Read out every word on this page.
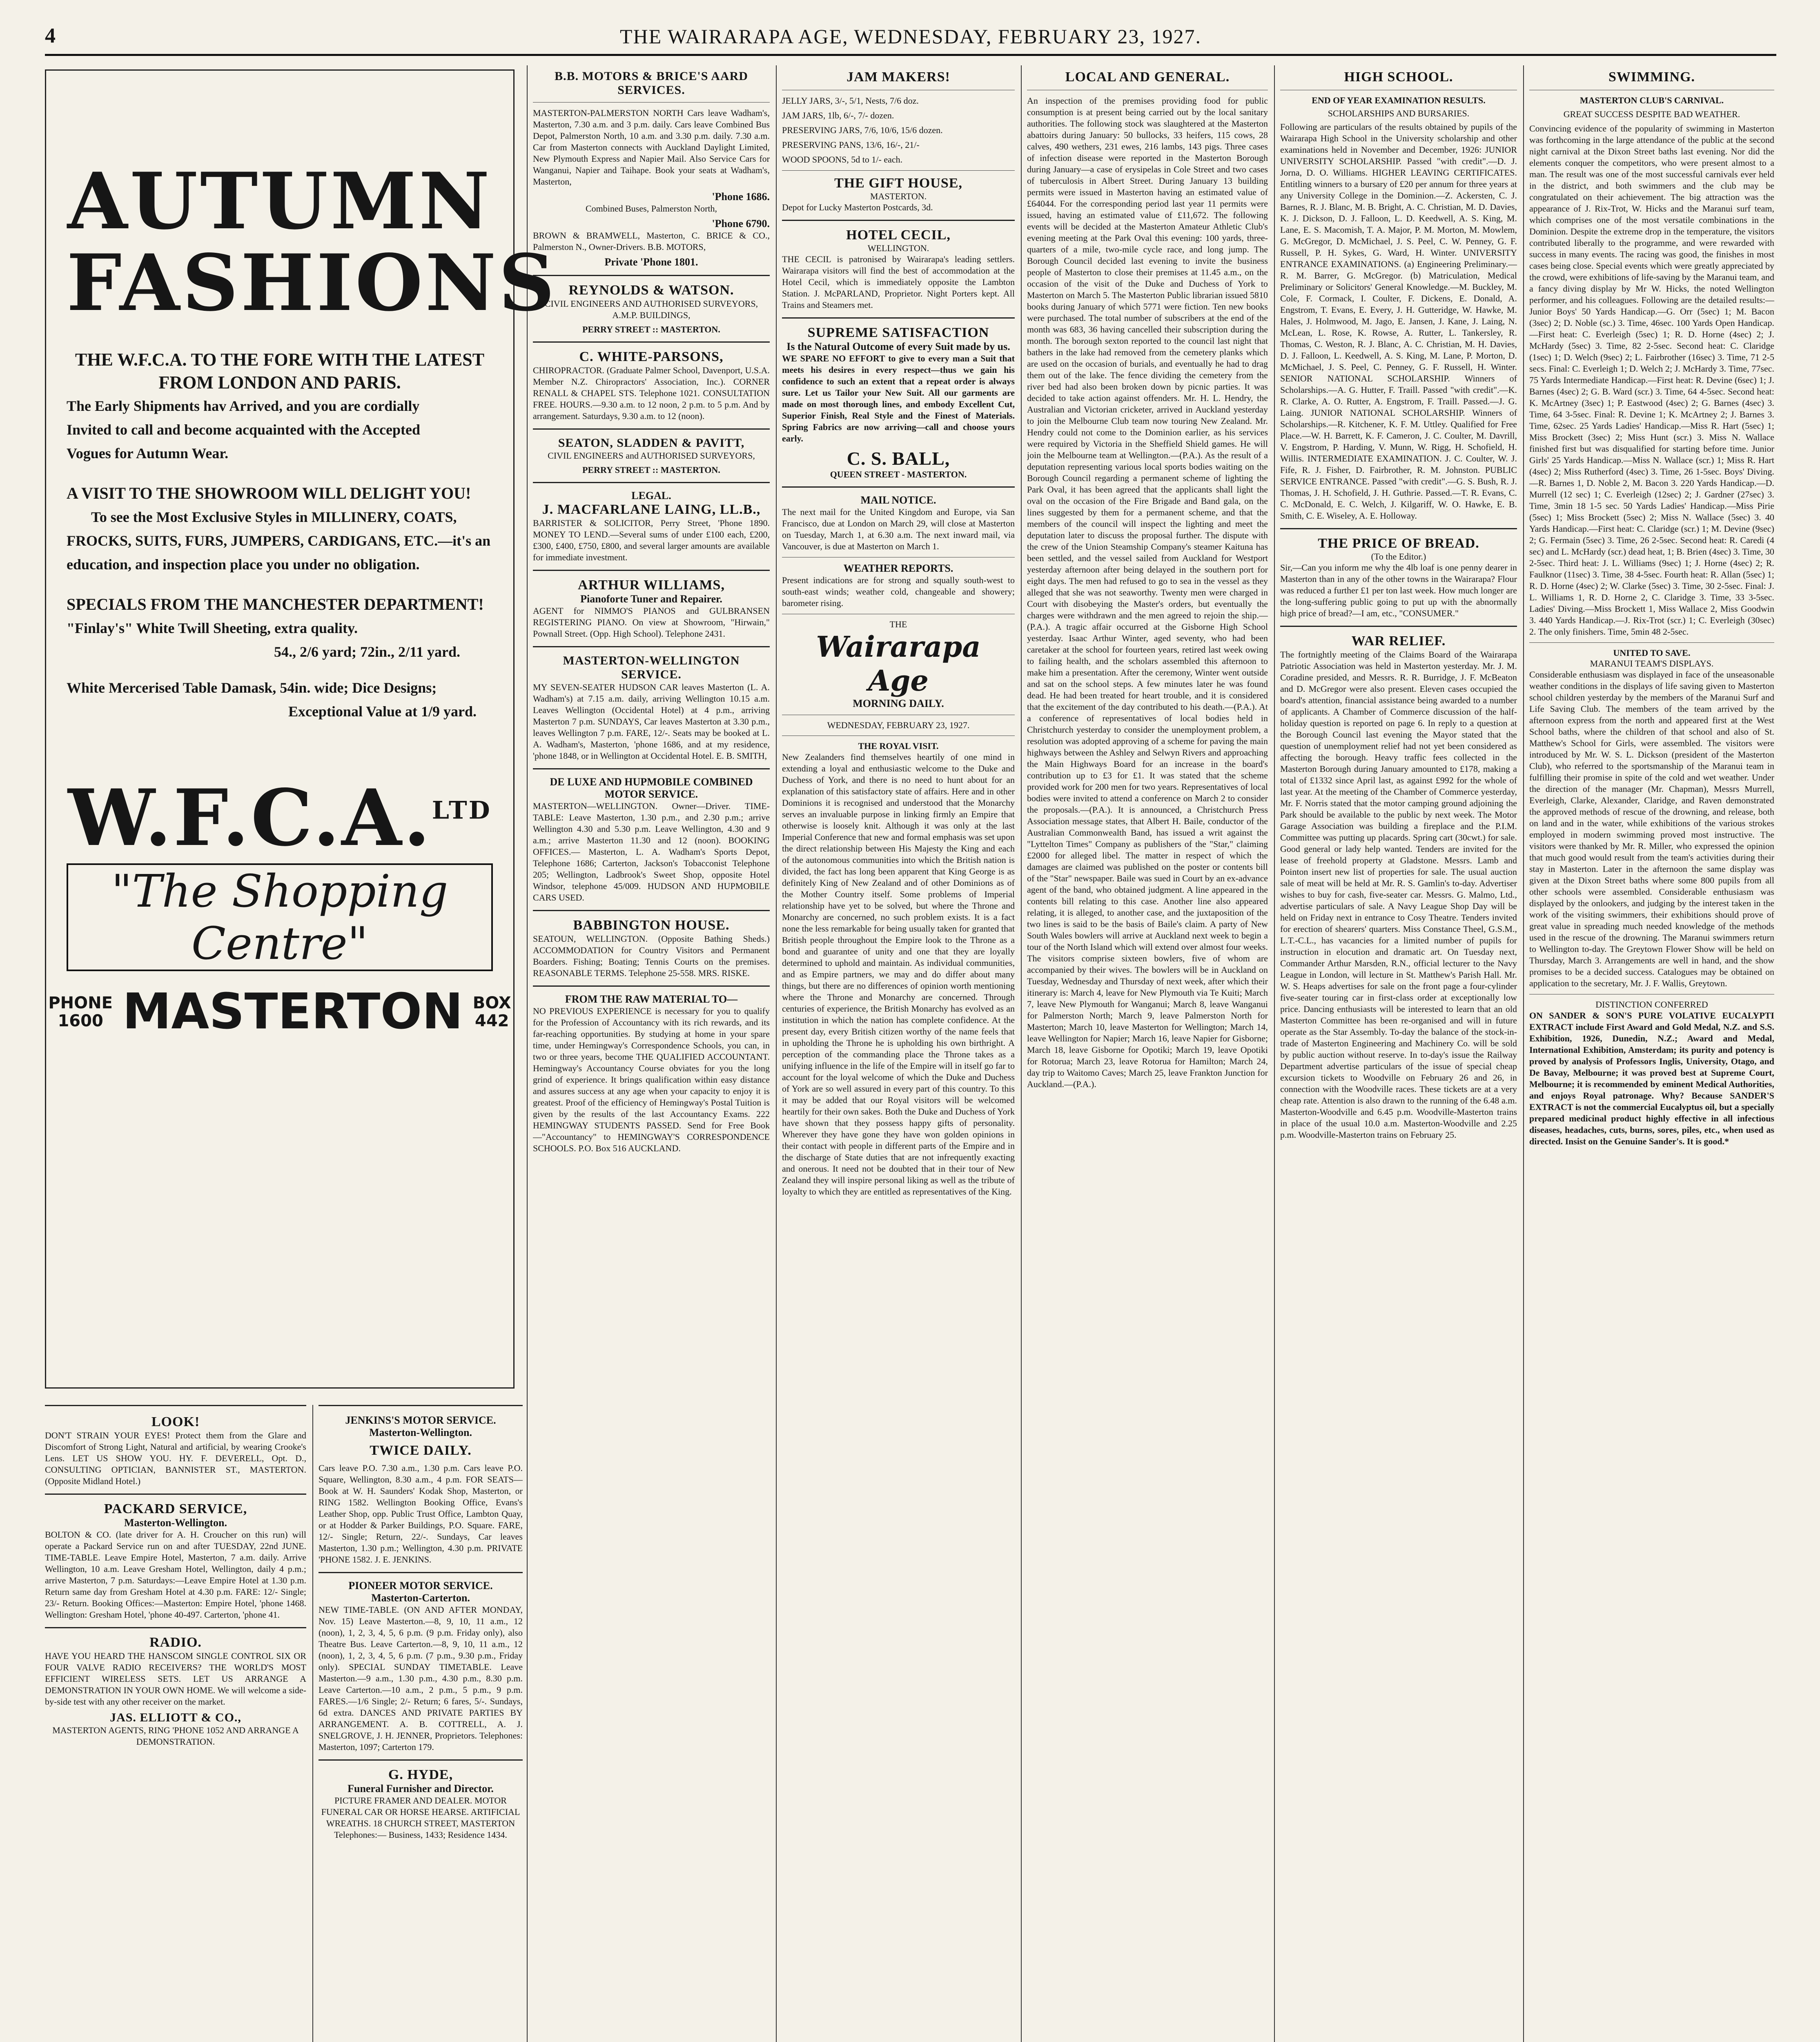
4	THE WAIRARAPA AGE, WEDNESDAY, FEBRUARY 23, 1927.
AUTUMN
FASHIONS
THE W.F.C.A. TO THE FORE WITH THE LATEST
FROM LONDON AND PARIS.
The Early Shipments hav Arrived, and you are cordially
Invited to call and become acquainted with the Accepted
Vogues for Autumn Wear.
A VISIT TO THE SHOWROOM WILL DELIGHT YOU!
To see the Most Exclusive Styles in MILLINERY, COATS,
FROCKS, SUITS, FURS, JUMPERS, CARDIGANS, ETC.—it's an
education, and inspection place you under no obligation.
SPECIALS FROM THE MANCHESTER DEPARTMENT!
"Finlay's" White Twill Sheeting, extra quality.
54., 2/6 yard; 72in., 2/11 yard.
White Mercerised Table Damask, 54in. wide; Dice Designs;
Exceptional Value at 1/9 yard.
W.F.C.A.$^{LTD}$
"The Shopping Centre"
PHONE
1600 MASTERTON BOX
442
B.B. MOTORS & BRICE'S AARD SERVICES.

MASTERTON-PALMERSTON NORTH Cars leave Wadham's, Masterton, 7.30 a.m. and 3 p.m. daily. Cars leave Combined Bus Depot, Palmerston North, 10 a.m. and 3.30 p.m. daily. 7.30 a.m. Car from Masterton connects with Auckland Daylight Limited, New Plymouth Express and Napier Mail. Also Service Cars for Wanganui, Napier and Taihape. Book your seats at Wadham's, Masterton,

'Phone 1686.

Combined Buses, Palmerston North,

'Phone 6790.

BROWN & BRAMWELL, Masterton, C. BRICE & CO., Palmerston N., Owner-Drivers. B.B. MOTORS,

Private 'Phone 1801.
REYNOLDS & WATSON.

CIVIL ENGINEERS AND AUTHORISED SURVEYORS, A.M.P. BUILDINGS,

PERRY STREET :: MASTERTON.
C. WHITE-PARSONS,

CHIROPRACTOR. (Graduate Palmer School, Davenport, U.S.A. Member N.Z. Chiropractors' Association, Inc.). CORNER RENALL & CHAPEL STS. Telephone 1021. CONSULTATION FREE. HOURS.—9.30 a.m. to 12 noon, 2 p.m. to 5 p.m. And by arrangement. Saturdays, 9.30 a.m. to 12 (noon).

SEATON, SLADDEN & PAVITT,

CIVIL ENGINEERS and AUTHORISED SURVEYORS,

PERRY STREET :: MASTERTON.
LEGAL.
J. MACFARLANE LAING, LL.B.,

BARRISTER & SOLICITOR, Perry Street, 'Phone 1890. MONEY TO LEND.—Several sums of under £100 each, £200, £300, £400, £750, £800, and several larger amounts are available for immediate investment.

ARTHUR WILLIAMS,
Pianoforte Tuner and Repairer.

AGENT for NIMMO'S PIANOS and GULBRANSEN REGISTERING PIANO. On view at Showroom, "Hirwain," Pownall Street. (Opp. High School). Telephone 2431.

MASTERTON-WELLINGTON SERVICE.

MY SEVEN-SEATER HUDSON CAR leaves Masterton (L. A. Wadham's) at 7.15 a.m. daily, arriving Wellington 10.15 a.m. Leaves Wellington (Occidental Hotel) at 4 p.m., arriving Masterton 7 p.m. SUNDAYS, Car leaves Masterton at 3.30 p.m., leaves Wellington 7 p.m. FARE, 12/-. Seats may be booked at L. A. Wadham's, Masterton, 'phone 1686, and at my residence, 'phone 1848, or in Wellington at Occidental Hotel. E. B. SMITH,

DE LUXE AND HUPMOBILE COMBINED MOTOR SERVICE.

MASTERTON—WELLINGTON. Owner—Driver. TIME-TABLE: Leave Masterton, 1.30 p.m., and 2.30 p.m.; arrive Wellington 4.30 and 5.30 p.m. Leave Wellington, 4.30 and 9 a.m.; arrive Masterton 11.30 and 12 (noon). BOOKING OFFICES.— Masterton, L. A. Wadham's Sports Depot, Telephone 1686; Carterton, Jackson's Tobacconist Telephone 205; Wellington, Ladbrook's Sweet Shop, opposite Hotel Windsor, telephone 45/009. HUDSON AND HUPMOBILE CARS USED.

BABBINGTON HOUSE.

SEATOUN, WELLINGTON. (Opposite Bathing Sheds.) ACCOMMODATION for Country Visitors and Permanent Boarders. Fishing; Boating; Tennis Courts on the premises. REASONABLE TERMS. Telephone 25-558. MRS. RISKE.

FROM THE RAW MATERIAL TO—

NO PREVIOUS EXPERIENCE is necessary for you to qualify for the Profession of Accountancy with its rich rewards, and its far-reaching opportunities. By studying at home in your spare time, under Hemingway's Correspondence Schools, you can, in two or three years, become THE QUALIFIED ACCOUNTANT. Hemingway's Accountancy Course obviates for you the long grind of experience. It brings qualification within easy distance and assures success at any age when your capacity to enjoy it is greatest. Proof of the efficiency of Hemingway's Postal Tuition is given by the results of the last Accountancy Exams. 222 HEMINGWAY STUDENTS PASSED. Send for Free Book—"Accountancy" to HEMINGWAY'S CORRESPONDENCE SCHOOLS. P.O. Box 516 AUCKLAND.

JAM MAKERS!

JELLY JARS, 3/-, 5/1, Nests, 7/6 doz.

JAM JARS, 1lb, 6/-, 7/- dozen.

PRESERVING JARS, 7/6, 10/6, 15/6 dozen.

PRESERVING PANS, 13/6, 16/-, 21/-

WOOD SPOONS, 5d to 1/- each.

THE GIFT HOUSE,
MASTERTON.

Depot for Lucky Masterton Postcards, 3d.

HOTEL CECIL,
WELLINGTON.

THE CECIL is patronised by Wairarapa's leading settlers. Wairarapa visitors will find the best of accommodation at the Hotel Cecil, which is immediately opposite the Lambton Station. J. McPARLAND, Proprietor. Night Porters kept. All Trains and Steamers met.

SUPREME SATISFACTION
Is the Natural Outcome of every Suit made by us.

WE SPARE NO EFFORT to give to every man a Suit that meets his desires in every respect—thus we gain his confidence to such an extent that a repeat order is always sure. Let us Tailor your New Suit. All our garments are made on most thorough lines, and embody Excellent Cut, Superior Finish, Real Style and the Finest of Materials. Spring Fabrics are now arriving—call and choose yours early.

C. S. BALL,
QUEEN STREET - MASTERTON.
MAIL NOTICE.

The next mail for the United Kingdom and Europe, via San Francisco, due at London on March 29, will close at Masterton on Tuesday, March 1, at 6.30 a.m. The next inward mail, via Vancouver, is due at Masterton on March 1.

WEATHER REPORTS.

Present indications are for strong and squally south-west to south-east winds; weather cold, changeable and showery; barometer rising.

THE
Wairarapa Age
MORNING DAILY.
WEDNESDAY, FEBRUARY 23, 1927.
THE ROYAL VISIT.

New Zealanders find themselves heartily of one mind in extending a loyal and enthusiastic welcome to the Duke and Duchess of York, and there is no need to hunt about for an explanation of this satisfactory state of affairs. Here and in other Dominions it is recognised and understood that the Monarchy serves an invaluable purpose in linking firmly an Empire that otherwise is loosely knit. Although it was only at the last Imperial Conference that new and formal emphasis was set upon the direct relationship between His Majesty the King and each of the autonomous communities into which the British nation is divided, the fact has long been apparent that King George is as definitely King of New Zealand and of other Dominions as of the Mother Country itself. Some problems of Imperial relationship have yet to be solved, but where the Throne and Monarchy are concerned, no such problem exists. It is a fact none the less remarkable for being usually taken for granted that British people throughout the Empire look to the Throne as a bond and guarantee of unity and one that they are loyally determined to uphold and maintain. As individual communities, and as Empire partners, we may and do differ about many things, but there are no differences of opinion worth mentioning where the Throne and Monarchy are concerned. Through centuries of experience, the British Monarchy has evolved as an institution in which the nation has complete confidence. At the present day, every British citizen worthy of the name feels that in upholding the Throne he is upholding his own birthright. A perception of the commanding place the Throne takes as a unifying influence in the life of the Empire will in itself go far to account for the loyal welcome of which the Duke and Duchess of York are so well assured in every part of this country. To this it may be added that our Royal visitors will be welcomed heartily for their own sakes. Both the Duke and Duchess of York have shown that they possess happy gifts of personality. Wherever they have gone they have won golden opinions in their contact with people in different parts of the Empire and in the discharge of State duties that are not infrequently exacting and onerous. It need not be doubted that in their tour of New Zealand they will inspire personal liking as well as the tribute of loyalty to which they are entitled as representatives of the King.

LOCAL AND GENERAL.

An inspection of the premises providing food for public consumption is at present being carried out by the local sanitary authorities. The following stock was slaughtered at the Masterton abattoirs during January: 50 bullocks, 33 heifers, 115 cows, 28 calves, 490 wethers, 231 ewes, 216 lambs, 143 pigs. Three cases of infection disease were reported in the Masterton Borough during January—a case of erysipelas in Cole Street and two cases of tuberculosis in Albert Street. During January 13 building permits were issued in Masterton having an estimated value of £64044. For the corresponding period last year 11 permits were issued, having an estimated value of £11,672. The following events will be decided at the Masterton Amateur Athletic Club's evening meeting at the Park Oval this evening: 100 yards, three-quarters of a mile, two-mile cycle race, and long jump. The Borough Council decided last evening to invite the business people of Masterton to close their premises at 11.45 a.m., on the occasion of the visit of the Duke and Duchess of York to Masterton on March 5. The Masterton Public librarian issued 5810 books during January of which 5771 were fiction. Ten new books were purchased. The total number of subscribers at the end of the month was 683, 36 having cancelled their subscription during the month. The borough sexton reported to the council last night that bathers in the lake had removed from the cemetery planks which are used on the occasion of burials, and eventually he had to drag them out of the lake. The fence dividing the cemetery from the river bed had also been broken down by picnic parties. It was decided to take action against offenders. Mr. H. L. Hendry, the Australian and Victorian cricketer, arrived in Auckland yesterday to join the Melbourne Club team now touring New Zealand. Mr. Hendry could not come to the Dominion earlier, as his services were required by Victoria in the Sheffield Shield games. He will join the Melbourne team at Wellington.—(P.A.). As the result of a deputation representing various local sports bodies waiting on the Borough Council regarding a permanent scheme of lighting the Park Oval, it has been agreed that the applicants shall light the oval on the occasion of the Fire Brigade and Band gala, on the lines suggested by them for a permanent scheme, and that the members of the council will inspect the lighting and meet the deputation later to discuss the proposal further. The dispute with the crew of the Union Steamship Company's steamer Kaituna has been settled, and the vessel sailed from Auckland for Westport yesterday afternoon after being delayed in the southern port for eight days. The men had refused to go to sea in the vessel as they alleged that she was not seaworthy. Twenty men were charged in Court with disobeying the Master's orders, but eventually the charges were withdrawn and the men agreed to rejoin the ship.—(P.A.). A tragic affair occurred at the Gisborne High School yesterday. Isaac Arthur Winter, aged seventy, who had been caretaker at the school for fourteen years, retired last week owing to failing health, and the scholars assembled this afternoon to make him a presentation. After the ceremony, Winter went outside and sat on the school steps. A few minutes later he was found dead. He had been treated for heart trouble, and it is considered that the excitement of the day contributed to his death.—(P.A.). At a conference of representatives of local bodies held in Christchurch yesterday to consider the unemployment problem, a resolution was adopted approving of a scheme for paving the main highways between the Ashley and Selwyn Rivers and approaching the Main Highways Board for an increase in the board's contribution up to £3 for £1. It was stated that the scheme provided work for 200 men for two years. Representatives of local bodies were invited to attend a conference on March 2 to consider the proposals.—(P.A.). It is announced, a Christchurch Press Association message states, that Albert H. Baile, conductor of the Australian Commonwealth Band, has issued a writ against the "Lyttelton Times" Company as publishers of the "Star," claiming £2000 for alleged libel. The matter in respect of which the damages are claimed was published on the poster or contents bill of the "Star" newspaper. Baile was sued in Court by an ex-advance agent of the band, who obtained judgment. A line appeared in the contents bill relating to this case. Another line also appeared relating, it is alleged, to another case, and the juxtaposition of the two lines is said to be the basis of Baile's claim. A party of New South Wales bowlers will arrive at Auckland next week to begin a tour of the North Island which will extend over almost four weeks. The visitors comprise sixteen bowlers, five of whom are accompanied by their wives. The bowlers will be in Auckland on Tuesday, Wednesday and Thursday of next week, after which their itinerary is: March 4, leave for New Plymouth via Te Kuiti; March 7, leave New Plymouth for Wanganui; March 8, leave Wanganui for Palmerston North; March 9, leave Palmerston North for Masterton; March 10, leave Masterton for Wellington; March 14, leave Wellington for Napier; March 16, leave Napier for Gisborne; March 18, leave Gisborne for Opotiki; March 19, leave Opotiki for Rotorua; March 23, leave Rotorua for Hamilton; March 24, day trip to Waitomo Caves; March 25, leave Frankton Junction for Auckland.—(P.A.).

HIGH SCHOOL.
END OF YEAR EXAMINATION RESULTS.
SCHOLARSHIPS AND BURSARIES.

Following are particulars of the results obtained by pupils of the Wairarapa High School in the University scholarship and other examinations held in November and December, 1926: JUNIOR UNIVERSITY SCHOLARSHIP. Passed "with credit".—D. J. Jorna, D. O. Williams. HIGHER LEAVING CERTIFICATES. Entitling winners to a bursary of £20 per annum for three years at any University College in the Dominion.—Z. Ackersten, C. J. Barnes, R. J. Blanc, M. B. Bright, A. C. Christian, M. D. Davies, K. J. Dickson, D. J. Falloon, L. D. Keedwell, A. S. King, M. Lane, E. S. Macomish, T. A. Major, P. M. Morton, M. Mowlem, G. McGregor, D. McMichael, J. S. Peel, C. W. Penney, G. F. Russell, P. H. Sykes, G. Ward, H. Winter. UNIVERSITY ENTRANCE EXAMINATIONS. (a) Engineering Preliminary.—R. M. Barrer, G. McGregor. (b) Matriculation, Medical Preliminary or Solicitors' General Knowledge.—M. Buckley, M. Cole, F. Cormack, I. Coulter, F. Dickens, E. Donald, A. Engstrom, T. Evans, E. Every, J. H. Gutteridge, W. Hawke, M. Hales, J. Holmwood, M. Jago, E. Jansen, J. Kane, J. Laing, N. McLean, L. Rose, K. Rowse, A. Rutter, L. Tankersley, R. Thomas, C. Weston, R. J. Blanc, A. C. Christian, M. H. Davies, D. J. Falloon, L. Keedwell, A. S. King, M. Lane, P. Morton, D. McMichael, J. S. Peel, C. Penney, G. F. Russell, H. Winter. SENIOR NATIONAL SCHOLARSHIP. Winners of Scholarships.—A. G. Hutter, F. Traill. Passed "with credit".—K. R. Clarke, A. O. Rutter, A. Engstrom, F. Traill. Passed.—J. G. Laing. JUNIOR NATIONAL SCHOLARSHIP. Winners of Scholarships.—R. Kitchener, K. F. M. Uttley. Qualified for Free Place.—W. H. Barrett, K. F. Cameron, J. C. Coulter, M. Davrill, V. Engstrom, P. Harding, V. Munn, W. Rigg, H. Schofield, H. Willis. INTERMEDIATE EXAMINATION. J. C. Coulter, W. J. Fife, R. J. Fisher, D. Fairbrother, R. M. Johnston. PUBLIC SERVICE ENTRANCE. Passed "with credit".—G. S. Bush, R. J. Thomas, J. H. Schofield, J. H. Guthrie. Passed.—T. R. Evans, C. C. McDonald, E. C. Welch, J. Kilgariff, W. O. Hawke, E. B. Smith, C. E. Wiseley, A. E. Holloway.

THE PRICE OF BREAD.
(To the Editor.)

Sir,—Can you inform me why the 4lb loaf is one penny dearer in Masterton than in any of the other towns in the Wairarapa? Flour was reduced a further £1 per ton last week. How much longer are the long-suffering public going to put up with the abnormally high price of bread?—I am, etc., "CONSUMER."

WAR RELIEF.

The fortnightly meeting of the Claims Board of the Wairarapa Patriotic Association was held in Masterton yesterday. Mr. J. M. Coradine presided, and Messrs. R. R. Burridge, J. F. McBeaton and D. McGregor were also present. Eleven cases occupied the board's attention, financial assistance being awarded to a number of applicants. A Chamber of Commerce discussion of the half-holiday question is reported on page 6. In reply to a question at the Borough Council last evening the Mayor stated that the question of unemployment relief had not yet been considered as affecting the borough. Heavy traffic fees collected in the Masterton Borough during January amounted to £178, making a total of £1332 since April last, as against £992 for the whole of last year. At the meeting of the Chamber of Commerce yesterday, Mr. F. Norris stated that the motor camping ground adjoining the Park should be available to the public by next week. The Motor Garage Association was building a fireplace and the P.I.M. Committee was putting up placards. Spring cart (30cwt.) for sale. Good general or lady help wanted. Tenders are invited for the lease of freehold property at Gladstone. Messrs. Lamb and Pointon insert new list of properties for sale. The usual auction sale of meat will be held at Mr. R. S. Gamlin's to-day. Advertiser wishes to buy for cash, five-seater car. Messrs. G. Malmo, Ltd., advertise particulars of sale. A Navy League Shop Day will be held on Friday next in entrance to Cosy Theatre. Tenders invited for erection of shearers' quarters. Miss Constance Theel, G.S.M., L.T.-C.L., has vacancies for a limited number of pupils for instruction in elocution and dramatic art. On Tuesday next, Commander Arthur Marsden, R.N., official lecturer to the Navy League in London, will lecture in St. Matthew's Parish Hall. Mr. W. S. Heaps advertises for sale on the front page a four-cylinder five-seater touring car in first-class order at exceptionally low price. Dancing enthusiasts will be interested to learn that an old Masterton Committee has been re-organised and will in future operate as the Star Assembly. To-day the balance of the stock-in-trade of Masterton Engineering and Machinery Co. will be sold by public auction without reserve. In to-day's issue the Railway Department advertise particulars of the issue of special cheap excursion tickets to Woodville on February 26 and 26, in connection with the Woodville races. These tickets are at a very cheap rate. Attention is also drawn to the running of the 6.48 a.m. Masterton-Woodville and 6.45 p.m. Woodville-Masterton trains in place of the usual 10.0 a.m. Masterton-Woodville and 2.25 p.m. Woodville-Masterton trains on February 25.

SWIMMING.
MASTERTON CLUB'S CARNIVAL.
GREAT SUCCESS DESPITE BAD WEATHER.

Convincing evidence of the popularity of swimming in Masterton was forthcoming in the large attendance of the public at the second night carnival at the Dixon Street baths last evening. Nor did the elements conquer the competitors, who were present almost to a man. The result was one of the most successful carnivals ever held in the district, and both swimmers and the club may be congratulated on their achievement. The big attraction was the appearance of J. Rix-Trot, W. Hicks and the Maranui surf team, which comprises one of the most versatile combinations in the Dominion. Despite the extreme drop in the temperature, the visitors contributed liberally to the programme, and were rewarded with success in many events. The racing was good, the finishes in most cases being close. Special events which were greatly appreciated by the crowd, were exhibitions of life-saving by the Maranui team, and a fancy diving display by Mr W. Hicks, the noted Wellington performer, and his colleagues. Following are the detailed results:— Junior Boys' 50 Yards Handicap.—G. Orr (5sec) 1; M. Bacon (3sec) 2; D. Noble (sc.) 3. Time, 46sec. 100 Yards Open Handicap.—First heat: C. Everleigh (5sec) 1; R. D. Horne (4sec) 2; J. McHardy (5sec) 3. Time, 82 2-5sec. Second heat: C. Claridge (1sec) 1; D. Welch (9sec) 2; L. Fairbrother (16sec) 3. Time, 71 2-5 secs. Final: C. Everleigh 1; D. Welch 2; J. McHardy 3. Time, 77sec. 75 Yards Intermediate Handicap.—First heat: R. Devine (6sec) 1; J. Barnes (4sec) 2; G. B. Ward (scr.) 3. Time, 64 4-5sec. Second heat: K. McArtney (3sec) 1; P. Eastwood (4sec) 2; G. Barnes (4sec) 3. Time, 64 3-5sec. Final: R. Devine 1; K. McArtney 2; J. Barnes 3. Time, 62sec. 25 Yards Ladies' Handicap.—Miss R. Hart (5sec) 1; Miss Brockett (3sec) 2; Miss Hunt (scr.) 3. Miss N. Wallace finished first but was disqualified for starting before time. Junior Girls' 25 Yards Handicap.—Miss N. Wallace (scr.) 1; Miss R. Hart (4sec) 2; Miss Rutherford (4sec) 3. Time, 26 1-5sec. Boys' Diving.—R. Barnes 1, D. Noble 2, M. Bacon 3. 220 Yards Handicap.—D. Murrell (12 sec) 1; C. Everleigh (12sec) 2; J. Gardner (27sec) 3. Time, 3min 18 1-5 sec. 50 Yards Ladies' Handicap.—Miss Pirie (5sec) 1; Miss Brockett (5sec) 2; Miss N. Wallace (5sec) 3. 40 Yards Handicap.—First heat: C. Claridge (scr.) 1; M. Devine (9sec) 2; G. Fermain (5sec) 3. Time, 26 2-5sec. Second heat: R. Caredi (4 sec) and L. McHardy (scr.) dead heat, 1; B. Brien (4sec) 3. Time, 30 2-5sec. Third heat: J. L. Williams (9sec) 1; J. Horne (4sec) 2; R. Faulknor (11sec) 3. Time, 38 4-5sec. Fourth heat: R. Allan (5sec) 1; R. D. Horne (4sec) 2; W. Clarke (5sec) 3. Time, 30 2-5sec. Final: J. L. Williams 1, R. D. Horne 2, C. Claridge 3. Time, 33 3-5sec. Ladies' Diving.—Miss Brockett 1, Miss Wallace 2, Miss Goodwin 3. 440 Yards Handicap.—J. Rix-Trot (scr.) 1; C. Everleigh (30sec) 2. The only finishers. Time, 5min 48 2-5sec.

UNITED TO SAVE.
MARANUI TEAM'S DISPLAYS.

Considerable enthusiasm was displayed in face of the unseasonable weather conditions in the displays of life saving given to Masterton school children yesterday by the members of the Maranui Surf and Life Saving Club. The members of the team arrived by the afternoon express from the north and appeared first at the West School baths, where the children of that school and also of St. Matthew's School for Girls, were assembled. The visitors were introduced by Mr. W. S. L. Dickson (president of the Masterton Club), who referred to the sportsmanship of the Maranui team in fulfilling their promise in spite of the cold and wet weather. Under the direction of the manager (Mr. Chapman), Messrs Murrell, Everleigh, Clarke, Alexander, Claridge, and Raven demonstrated the approved methods of rescue of the drowning, and release, both on land and in the water, while exhibitions of the various strokes employed in modern swimming proved most instructive. The visitors were thanked by Mr. R. Miller, who expressed the opinion that much good would result from the team's activities during their stay in Masterton. Later in the afternoon the same display was given at the Dixon Street baths where some 800 pupils from all other schools were assembled. Considerable enthusiasm was displayed by the onlookers, and judging by the interest taken in the work of the visiting swimmers, their exhibitions should prove of great value in spreading much needed knowledge of the methods used in the rescue of the drowning. The Maranui swimmers return to Wellington to-day. The Greytown Flower Show will be held on Thursday, March 3. Arrangements are well in hand, and the show promises to be a decided success. Catalogues may be obtained on application to the secretary, Mr. J. F. Wallis, Greytown.

DISTINCTION CONFERRED

ON SANDER & SON'S PURE VOLATIVE EUCALYPTI EXTRACT include First Award and Gold Medal, N.Z. and S.S. Exhibition, 1926, Dunedin, N.Z.; Award and Medal, International Exhibition, Amsterdam; its purity and potency is proved by analysis of Professors Inglis, University, Otago, and De Bavay, Melbourne; it was proved best at Supreme Court, Melbourne; it is recommended by eminent Medical Authorities, and enjoys Royal patronage. Why? Because SANDER'S EXTRACT is not the commercial Eucalyptus oil, but a specially prepared medicinal product highly effective in all infectious diseases, headaches, cuts, burns, sores, piles, etc., when used as directed. Insist on the Genuine Sander's. It is good.*

LOOK!

DON'T STRAIN YOUR EYES! Protect them from the Glare and Discomfort of Strong Light, Natural and artificial, by wearing Crooke's Lens. LET US SHOW YOU. HY. F. DEVERELL, Opt. D., CONSULTING OPTICIAN, BANNISTER ST., MASTERTON. (Opposite Midland Hotel.)

PACKARD SERVICE,
Masterton-Wellington.

BOLTON & CO. (late driver for A. H. Croucher on this run) will operate a Packard Service run on and after TUESDAY, 22nd JUNE. TIME-TABLE. Leave Empire Hotel, Masterton, 7 a.m. daily. Arrive Wellington, 10 a.m. Leave Gresham Hotel, Wellington, daily 4 p.m.; arrive Masterton, 7 p.m. Saturdays:—Leave Empire Hotel at 1.30 p.m. Return same day from Gresham Hotel at 4.30 p.m. FARE: 12/- Single; 23/- Return. Booking Offices:—Masterton: Empire Hotel, 'phone 1468. Wellington: Gresham Hotel, 'phone 40-497. Carterton, 'phone 41.

RADIO.

HAVE YOU HEARD THE HANSCOM SINGLE CONTROL SIX OR FOUR VALVE RADIO RECEIVERS? THE WORLD'S MOST EFFICIENT WIRELESS SETS. LET US ARRANGE A DEMONSTRATION IN YOUR OWN HOME. We will welcome a side-by-side test with any other receiver on the market.

JAS. ELLIOTT & CO.,

MASTERTON AGENTS, RING 'PHONE 1052 AND ARRANGE A DEMONSTRATION.

JENKINS'S MOTOR SERVICE.
Masterton-Wellington.
TWICE DAILY.

Cars leave P.O. 7.30 a.m., 1.30 p.m. Cars leave P.O. Square, Wellington, 8.30 a.m., 4 p.m. FOR SEATS—Book at W. H. Saunders' Kodak Shop, Masterton, or RING 1582. Wellington Booking Office, Evans's Leather Shop, opp. Public Trust Office, Lambton Quay, or at Hodder & Parker Buildings, P.O. Square. FARE, 12/- Single; Return, 22/-. Sundays, Car leaves Masterton, 1.30 p.m.; Wellington, 4.30 p.m. PRIVATE 'PHONE 1582. J. E. JENKINS.

PIONEER MOTOR SERVICE.
Masterton-Carterton.

NEW TIME-TABLE. (ON AND AFTER MONDAY, Nov. 15) Leave Masterton.—8, 9, 10, 11 a.m., 12 (noon), 1, 2, 3, 4, 5, 6 p.m. (9 p.m. Friday only), also Theatre Bus. Leave Carterton.—8, 9, 10, 11 a.m., 12 (noon), 1, 2, 3, 4, 5, 6 p.m. (7 p.m., 9.30 p.m., Friday only). SPECIAL SUNDAY TIMETABLE. Leave Masterton.—9 a.m., 1.30 p.m., 4.30 p.m., 8.30 p.m. Leave Carterton.—10 a.m., 2 p.m., 5 p.m., 9 p.m. FARES.—1/6 Single; 2/- Return; 6 fares, 5/-. Sundays, 6d extra. DANCES AND PRIVATE PARTIES BY ARRANGEMENT. A. B. COTTRELL, A. J. SNELGROVE, J. H. JENNER, Proprietors. Telephones: Masterton, 1097; Carterton 179.

G. HYDE,
Funeral Furnisher and Director.

PICTURE FRAMER AND DEALER. MOTOR FUNERAL CAR OR HORSE HEARSE. ARTIFICIAL WREATHS. 18 CHURCH STREET, MASTERTON Telephones:— Business, 1433; Residence 1434.
